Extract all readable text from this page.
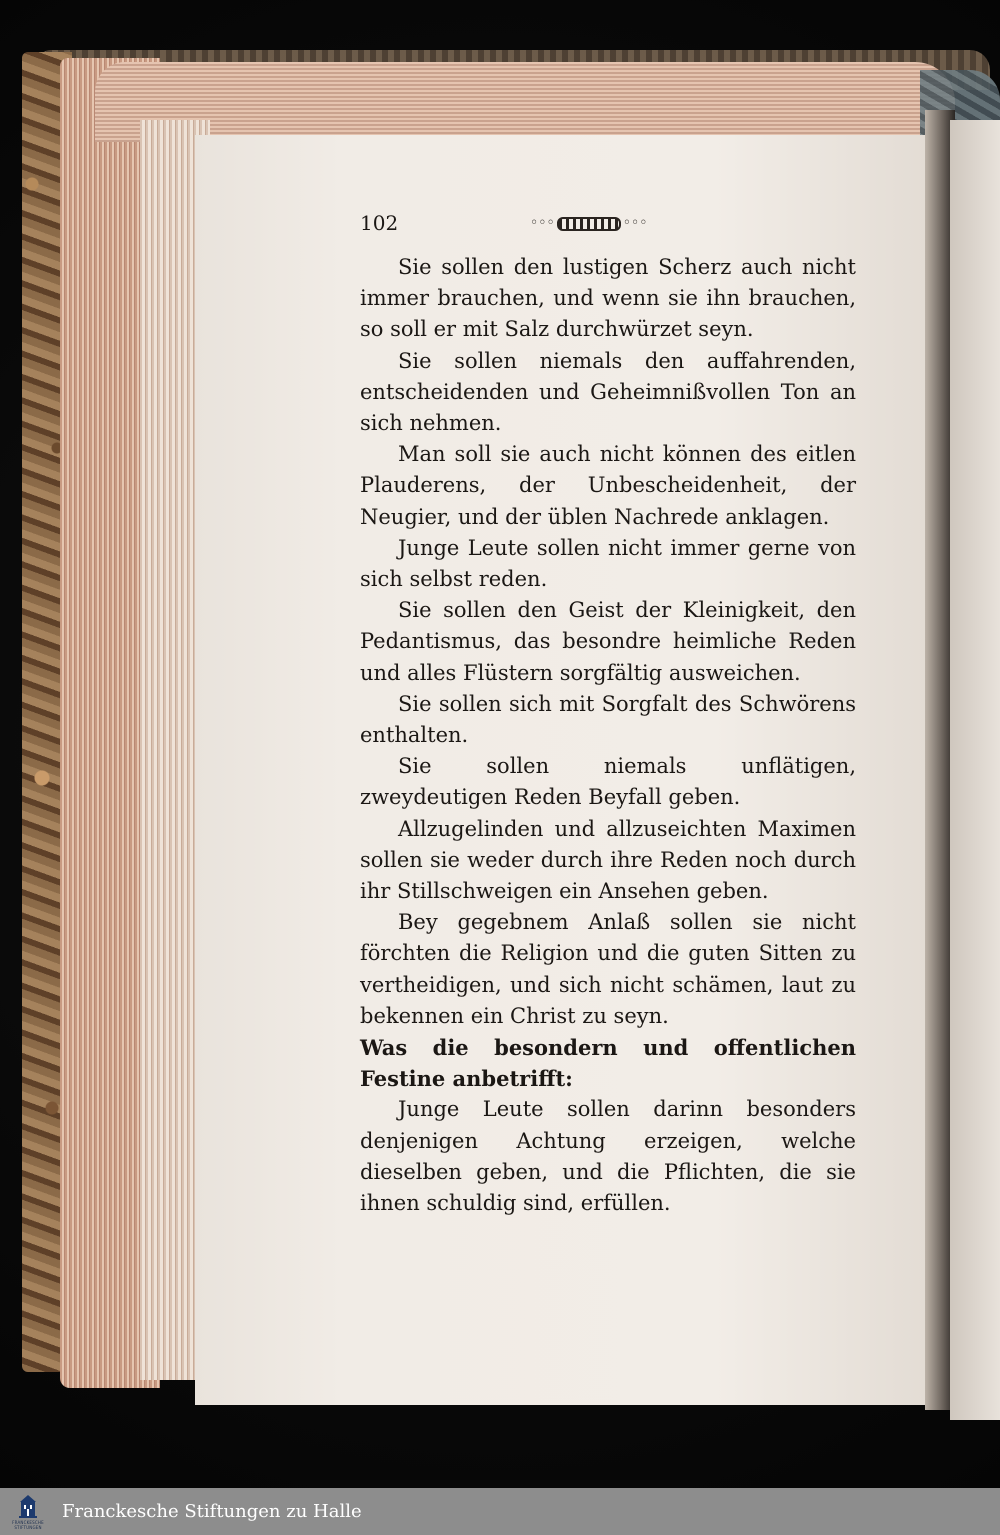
102	◦◦◦	◦◦◦

Sie sollen den lustigen Scherz auch nicht immer brauchen, und wenn sie ihn brauchen, so soll er mit Salz durchwürzet seyn.

Sie sollen niemals den auffahrenden, entscheidenden und Geheimnißvollen Ton an sich nehmen.

Man soll sie auch nicht können des eitlen Plauderens, der Unbescheidenheit, der Neugier, und der üblen Nachrede anklagen.

Junge Leute sollen nicht immer gerne von sich selbst reden.

Sie sollen den Geist der Kleinigkeit, den Pedantismus, das besondre heimliche Reden und alles Flüstern sorgfältig ausweichen.

Sie sollen sich mit Sorgfalt des Schwörens enthalten.

Sie sollen niemals unflätigen, zweydeutigen Reden Beyfall geben.

Allzugelinden und allzuseichten Maximen sollen sie weder durch ihre Reden noch durch ihr Stillschweigen ein Ansehen geben.

Bey gegebnem Anlaß sollen sie nicht förchten die Religion und die guten Sitten zu vertheidigen, und sich nicht schämen, laut zu bekennen ein Christ zu seyn.

Was die besondern und offentlichen Festine anbetrifft:

Junge Leute sollen darinn besonders denjenigen Achtung erzeigen, welche dieselben geben, und die Pflichten, die sie ihnen schuldig sind, erfüllen.

FRANCKESCHE STIFTUNGEN
Franckesche Stiftungen zu Halle
